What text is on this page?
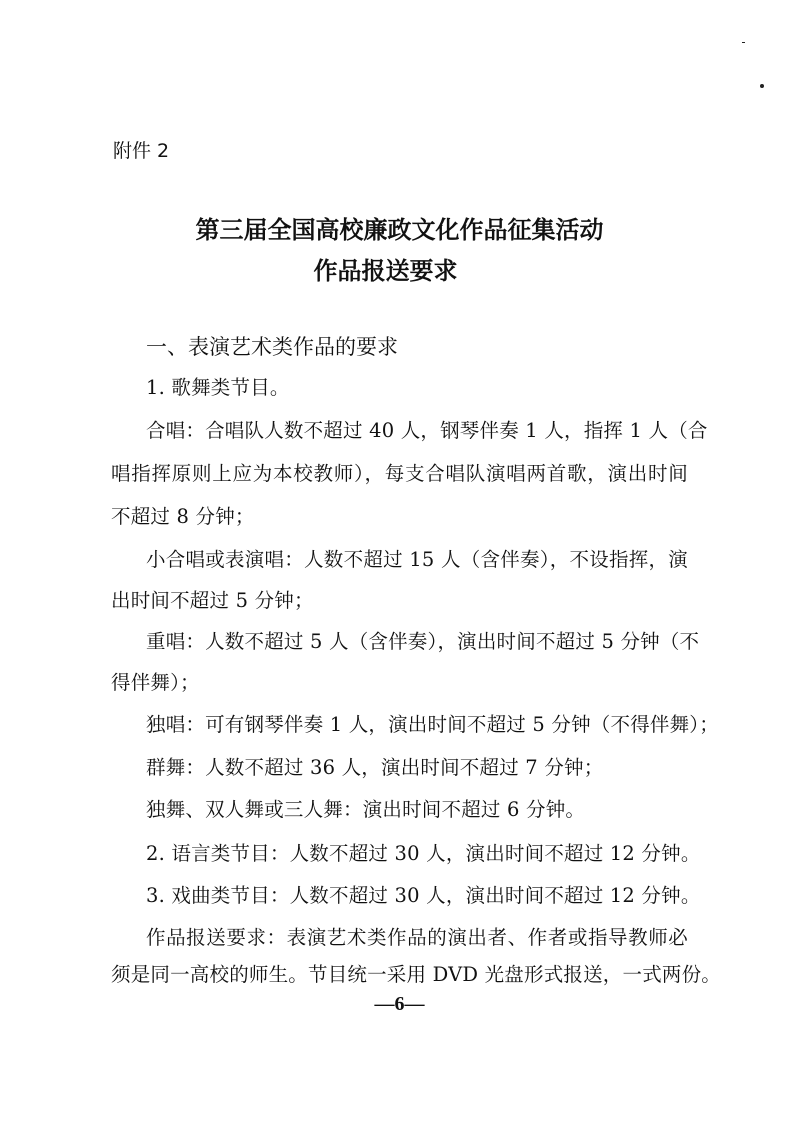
附件 2
第三届全国高校廉政文化作品征集活动
作品报送要求
一、表演艺术类作品的要求
1. 歌舞类节目。
合唱：合唱队人数不超过 40 人，钢琴伴奏 1 人，指挥 1 人（合
唱指挥原则上应为本校教师），每支合唱队演唱两首歌，演出时间
不超过 8 分钟；
小合唱或表演唱：人数不超过 15 人（含伴奏），不设指挥，演
出时间不超过 5 分钟；
重唱：人数不超过 5 人（含伴奏），演出时间不超过 5 分钟（不
得伴舞）；
独唱：可有钢琴伴奏 1 人，演出时间不超过 5 分钟（不得伴舞）；
群舞：人数不超过 36 人，演出时间不超过 7 分钟；
独舞、双人舞或三人舞：演出时间不超过 6 分钟。
2. 语言类节目：人数不超过 30 人，演出时间不超过 12 分钟。
3. 戏曲类节目：人数不超过 30 人，演出时间不超过 12 分钟。
作品报送要求：表演艺术类作品的演出者、作者或指导教师必
须是同一高校的师生。节目统一采用 DVD 光盘形式报送，一式两份。
—6—
